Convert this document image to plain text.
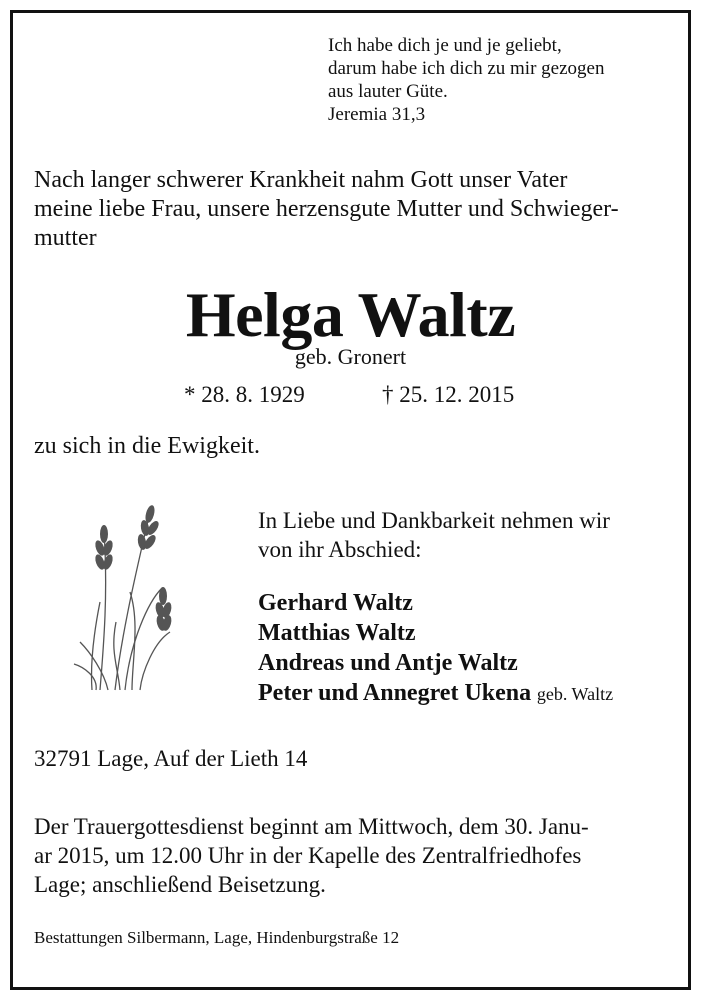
Ich habe dich je und je geliebt,
darum habe ich dich zu mir gezogen
aus lauter Güte.
Jeremia 31,3
Nach langer schwerer Krankheit nahm Gott unser Vater
meine liebe Frau, unsere herzensgute Mutter und Schwieger-
mutter
Helga Waltz
geb. Gronert
* 28. 8. 1929	† 25. 12. 2015
zu sich in die Ewigkeit.
In Liebe und Dankbarkeit nehmen wir
von ihr Abschied:
Gerhard Waltz
Matthias Waltz
Andreas und Antje Waltz
Peter und Annegret Ukena geb. Waltz
32791 Lage, Auf der Lieth 14
Der Trauergottesdienst beginnt am Mittwoch, dem 30. Janu-
ar 2015, um 12.00 Uhr in der Kapelle des Zentralfriedhofes
Lage; anschließend Beisetzung.
Bestattungen Silbermann, Lage, Hindenburgstraße 12
